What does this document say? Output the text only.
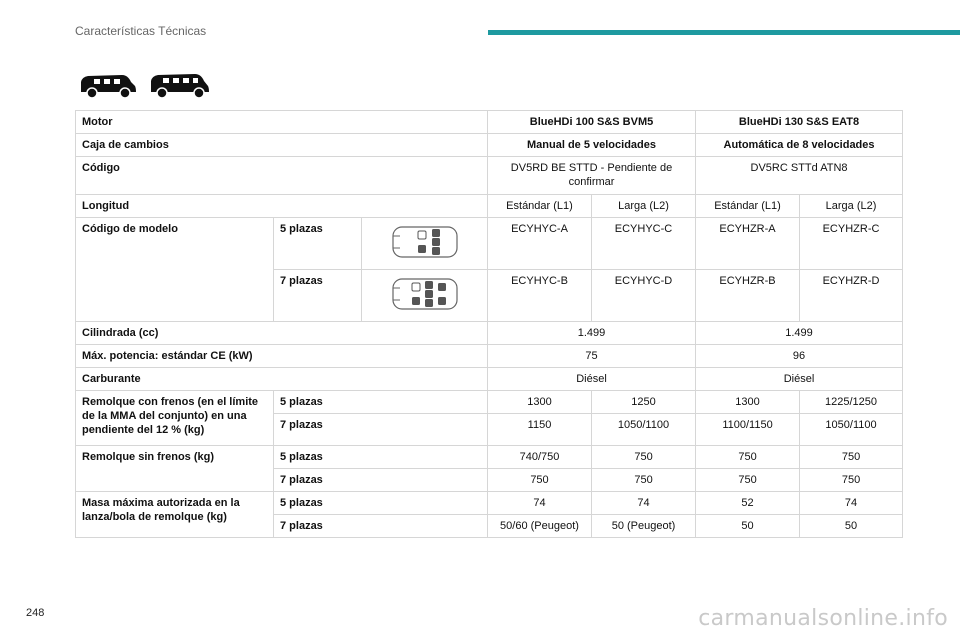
Características Técnicas
Motor			BlueHDi 100 S&S BVM5		BlueHDi 130 S&S EAT8	
Caja de cambios			Manual de 5 velocidades		Automática de 8 velocidades	
Código			DV5RD BE STTD - Pendiente de confirmar		DV5RC STTd ATN8	
Longitud			Estándar (L1)	Larga (L2)	Estándar (L1)	Larga (L2)
Código de modelo	5 plazas		ECYHYC-A	ECYHYC-C	ECYHZR-A	ECYHZR-C
	7 plazas		ECYHYC-B	ECYHYC-D	ECYHZR-B	ECYHZR-D
Cilindrada (cc)			1.499		1.499	
Máx. potencia: estándar CE (kW)			75		96	
Carburante			Diésel		Diésel	
Remolque con frenos (en el límite de la MMA del conjunto) en una pendiente del 12 % (kg)	5 plazas		1300	1250	1300	1225/1250
	7 plazas		1150	1050/1100	1100/1150	1050/1100
Remolque sin frenos (kg)	5 plazas		740/750	750	750	750
	7 plazas		750	750	750	750
Masa máxima autorizada en la lanza/bola de remolque (kg)	5 plazas		74	74	52	74
	7 plazas		50/60 (Peugeot)	50 (Peugeot)	50	50
248	carmanualsonline.info
